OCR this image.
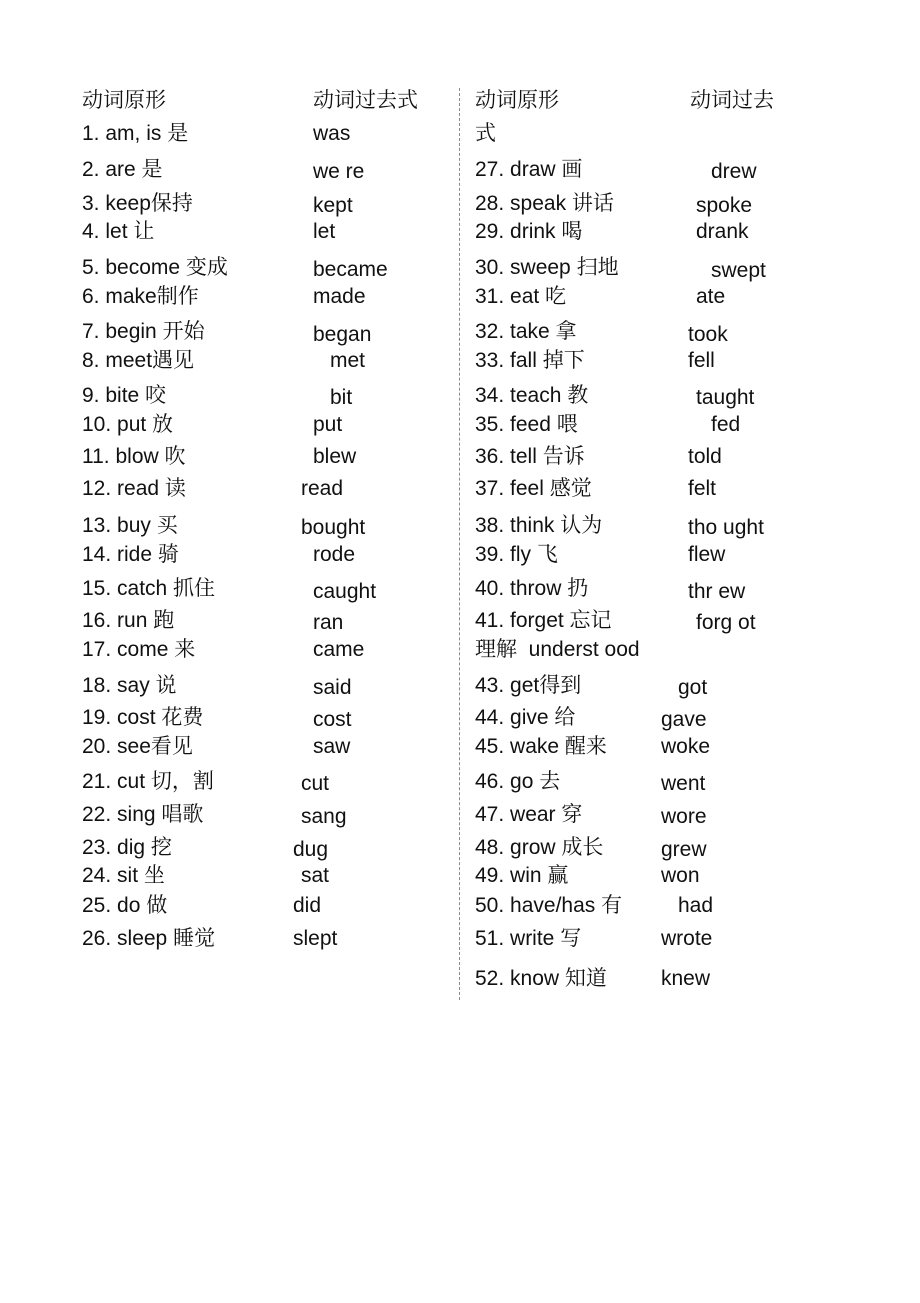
动词原形	动词过去式	动词原形	动词过去
式
1. am, is 是	was
2. are 是	we re
3. keep保持	kept
4. let 让	let
5. become 变成	became
6. make制作	made
7. begin 开始	began
8. meet遇见	met
9. bite 咬	bit
10. put 放	put
11. blow 吹	blew
12. read 读	read
13. buy 买	bought
14. ride 骑	rode
15. catch 抓住	caught
16. run 跑	ran
17. come 来	came
18. say 说	said
19. cost 花费	cost
20. see看见	saw
21. cut 切，割	cut
22. sing 唱歌	sang
23. dig 挖	dug
24. sit 坐	sat
25. do 做	did
26. sleep 睡觉	slept
27. draw 画	drew
28. speak 讲话	spoke
29. drink 喝	drank
30. sweep 扫地	swept
31. eat 吃	ate
32. take 拿	took
33. fall 掉下	fell
34. teach 教	taught
35. feed 喂	fed
36. tell 告诉	told
37. feel 感觉	felt
38. think 认为	tho ught
39. fly 飞	flew
40. throw 扔	thr ew
41. forget 忘记	forg ot
理解  underst ood
43. get得到	got
44. give 给	gave
45. wake 醒来	woke
46. go 去	went
47. wear 穿	wore
48. grow 成长	grew
49. win 赢	won
50. have/has 有	had
51. write 写	wrote
52. know 知道	knew
